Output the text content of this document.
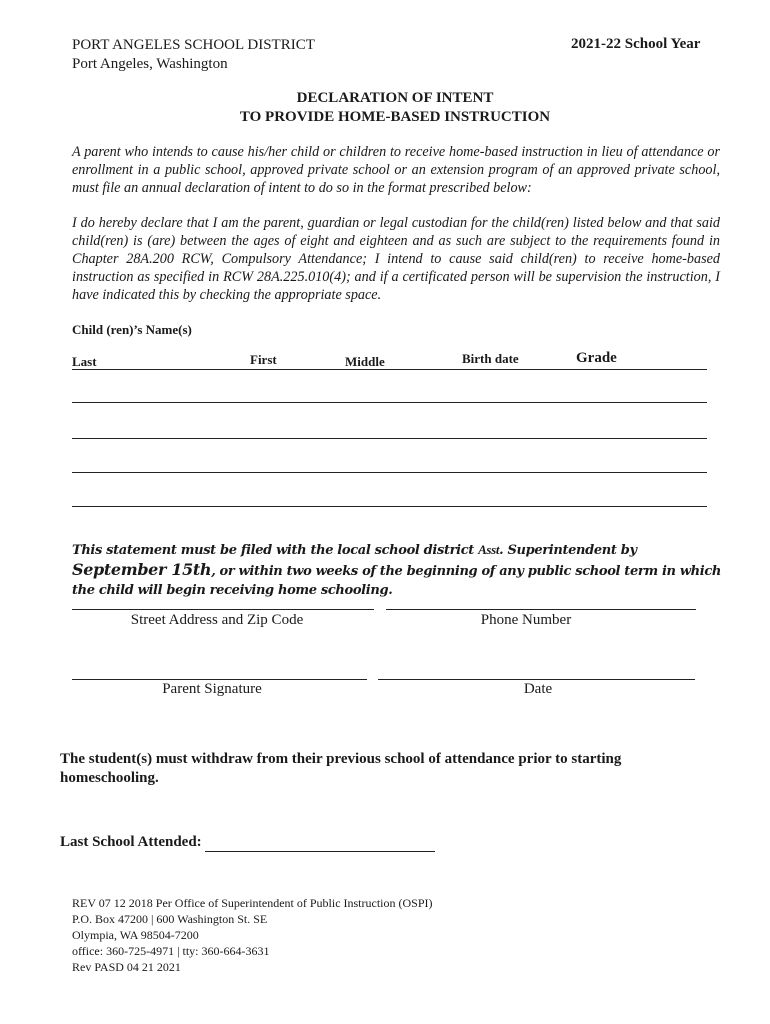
PORT ANGELES SCHOOL DISTRICT
Port Angeles, Washington
2021-22 School Year
DECLARATION OF INTENT
TO PROVIDE HOME-BASED INSTRUCTION
A parent who intends to cause his/her child or children to receive home-based instruction in lieu of attendance or enrollment in a public school, approved private school or an extension program of an approved private school, must file an annual declaration of intent to do so in the format prescribed below:
I do hereby declare that I am the parent, guardian or legal custodian for the child(ren) listed below and that said child(ren) is (are) between the ages of eight and eighteen and as such are subject to the requirements found in Chapter 28A.200 RCW, Compulsory Attendance; I intend to cause said child(ren) to receive home-based instruction as specified in RCW 28A.225.010(4); and if a certificated person will be supervision the instruction, I have indicated this by checking the appropriate space.
Child (ren)’s Name(s)
Last	First	Middle	Birth date	Grade
This statement must be filed with the local school district Asst. Superintendent by September 15th, or within two weeks of the beginning of any public school term in which the child will begin receiving home schooling.
Street Address and Zip Code	Phone Number
Parent Signature	Date
The student(s) must withdraw from their previous school of attendance prior to starting homeschooling.
Last School Attended:
REV 07 12 2018 Per Office of Superintendent of Public Instruction (OSPI)
P.O. Box 47200 | 600 Washington St. SE
Olympia, WA 98504-7200
office: 360-725-4971 | tty: 360-664-3631
Rev PASD 04 21 2021
